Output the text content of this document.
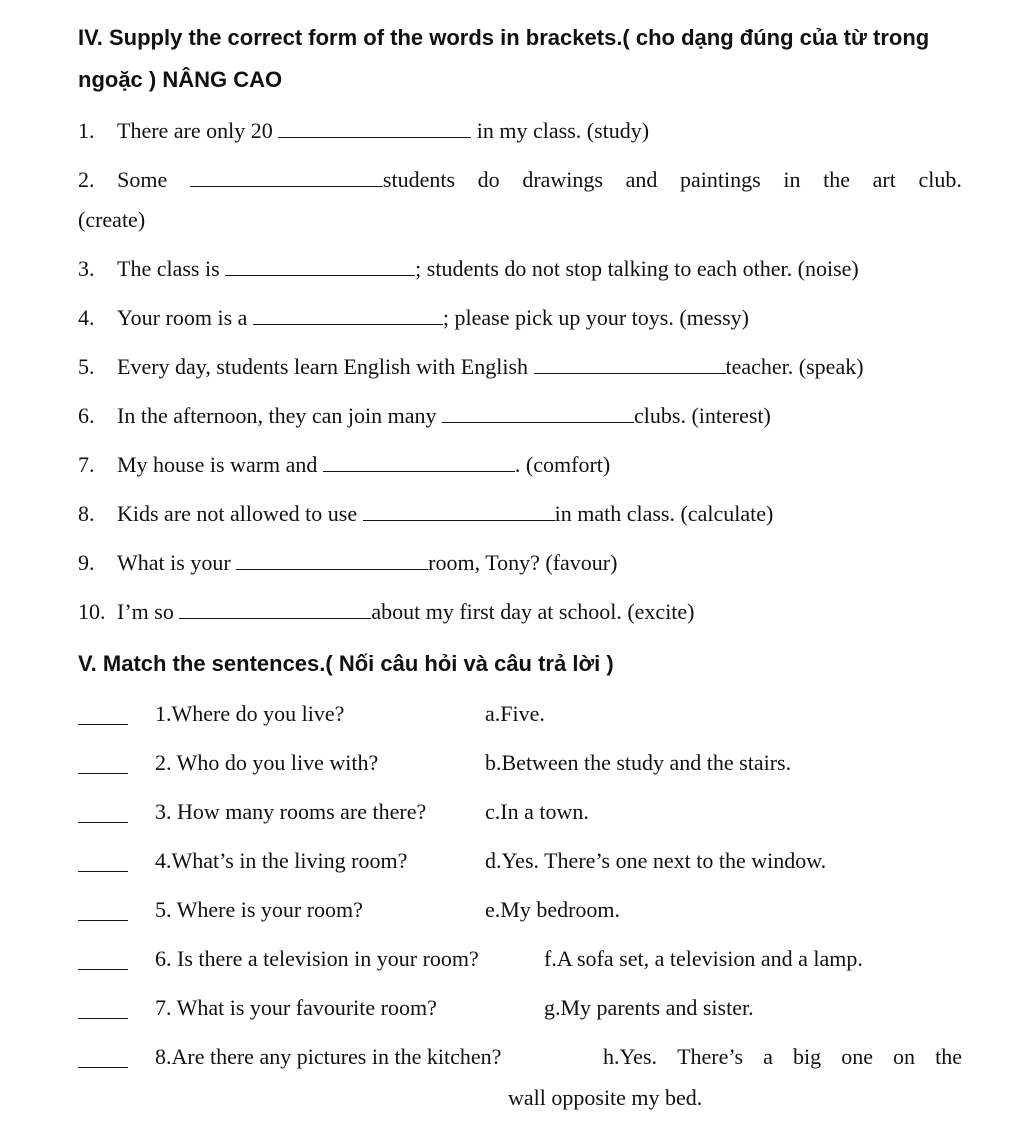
IV. Supply the correct form of the words in brackets.( cho dạng đúng của từ trong
ngoặc ) NÂNG CAO
1. There are only 20	in my class. (study)
2. Some	students do drawings and paintings in the art club.
(create)
3. The class is	; students do not stop talking to each other. (noise)
4. Your room is a	; please pick up your toys. (messy)
5. Every day, students learn English with English	teacher. (speak)
6. In the afternoon, they can join many	clubs. (interest)
7. My house is warm and	. (comfort)
8. Kids are not allowed to use	in math class. (calculate)
9. What is your	room, Tony? (favour)
10. I’m so	about my first day at school. (excite)
V. Match the sentences.( Nối câu hỏi và câu trả lời )
1.Where do you live?	a.Five.
2. Who do you live with?	b.Between the study and the stairs.
3. How many rooms are there?	c.In a town.
4.What’s in the living room?	d.Yes. There’s one next to the window.
5. Where is your room?	e.My bedroom.
6. Is there a television in your room?	f.A sofa set, a television and a lamp.
7. What is your favourite room?	g.My parents and sister.
8.Are there any pictures in the kitchen?	h.Yes. There’s a big one on the
wall opposite my bed.
